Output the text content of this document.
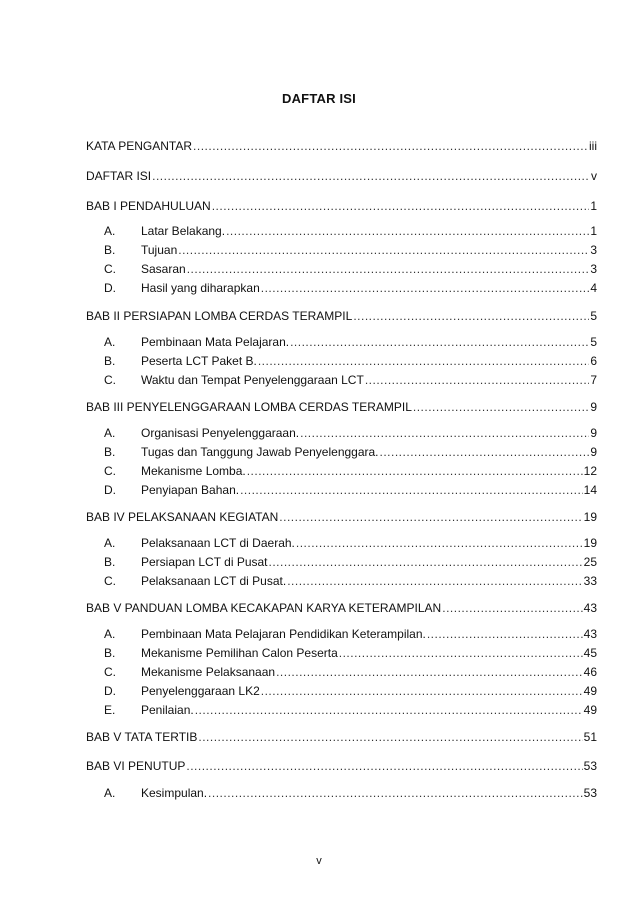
DAFTAR ISI
KATA PENGANTAR .....	iii
DAFTAR ISI .....	v
BAB I PENDAHULUAN .....	1
A.	Latar Belakang. .....	1
B.	Tujuan .....	3
C.	Sasaran .....	3
D.	Hasil yang diharapkan .....	4
BAB II PERSIAPAN LOMBA CERDAS TERAMPIL .....	5
A.	Pembinaan Mata Pelajaran. .....	5
B.	Peserta LCT Paket B. .....	6
C.	Waktu dan Tempat Penyelenggaraan LCT .....	7
BAB III PENYELENGGARAAN LOMBA CERDAS TERAMPIL .....	9
A.	Organisasi Penyelenggaraan. .....	9
B.	Tugas dan Tanggung Jawab Penyelenggara. .....	9
C.	Mekanisme Lomba. .....	12
D.	Penyiapan Bahan. .....	14
BAB IV PELAKSANAAN KEGIATAN .....	19
A.	Pelaksanaan LCT di Daerah. .....	19
B.	Persiapan LCT di Pusat .....	25
C.	Pelaksanaan LCT di Pusat. .....	33
BAB V PANDUAN LOMBA KECAKAPAN KARYA KETERAMPILAN .....	43
A.	Pembinaan Mata Pelajaran Pendidikan Keterampilan. .....	43
B.	Mekanisme Pemilihan Calon Peserta .....	45
C.	Mekanisme Pelaksanaan .....	46
D.	Penyelenggaraan LK2 .....	49
E.	Penilaian. .....	49
BAB V TATA TERTIB .....	51
BAB VI PENUTUP .....	53
A.	Kesimpulan. .....	53
v
